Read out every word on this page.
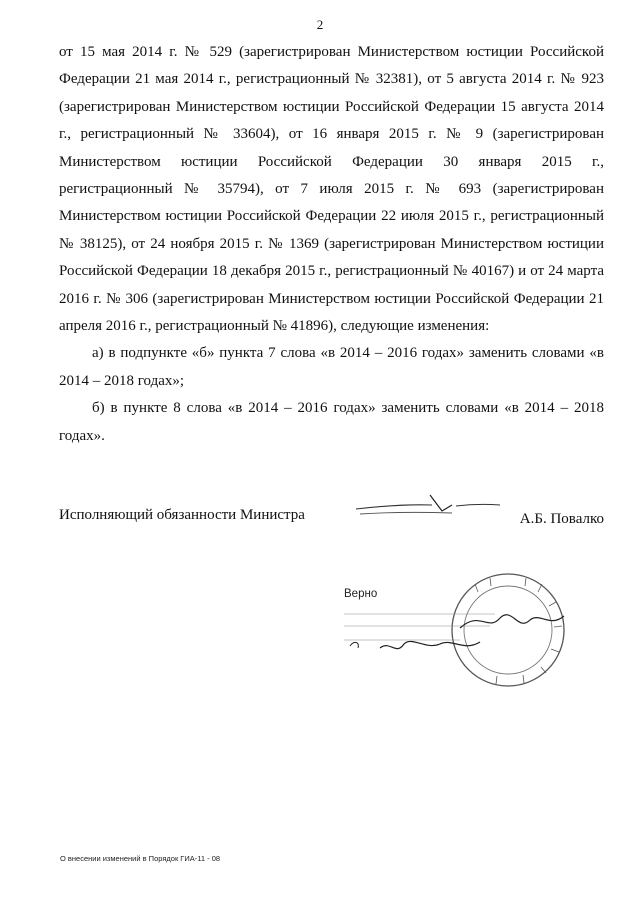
2

от 15 мая 2014 г. № 529 (зарегистрирован Министерством юстиции Российской Федерации 21 мая 2014 г., регистрационный № 32381), от 5 августа 2014 г. № 923 (зарегистрирован Министерством юстиции Российской Федерации 15 августа 2014 г., регистрационный № 33604), от 16 января 2015 г. № 9 (зарегистрирован Министерством юстиции Российской Федерации 30 января 2015 г., регистрационный № 35794), от 7 июля 2015 г. № 693 (зарегистрирован Министерством юстиции Российской Федерации 22 июля 2015 г., регистрационный № 38125), от 24 ноября 2015 г. № 1369 (зарегистрирован Министерством юстиции Российской Федерации 18 декабря 2015 г., регистрационный № 40167) и от 24 марта 2016 г. № 306 (зарегистрирован Министерством юстиции Российской Федерации 21 апреля 2016 г., регистрационный № 41896), следующие изменения:

а) в подпункте «б» пункта 7 слова «в 2014 – 2016 годах» заменить словами «в 2014 – 2018 годах»;

б) в пункте 8 слова «в 2014 – 2016 годах» заменить словами «в 2014 – 2018 годах».

Исполняющий обязанности Министра	А.Б. Повалко
Верно
О внесении изменений в Порядок ГИА-11 - 08
